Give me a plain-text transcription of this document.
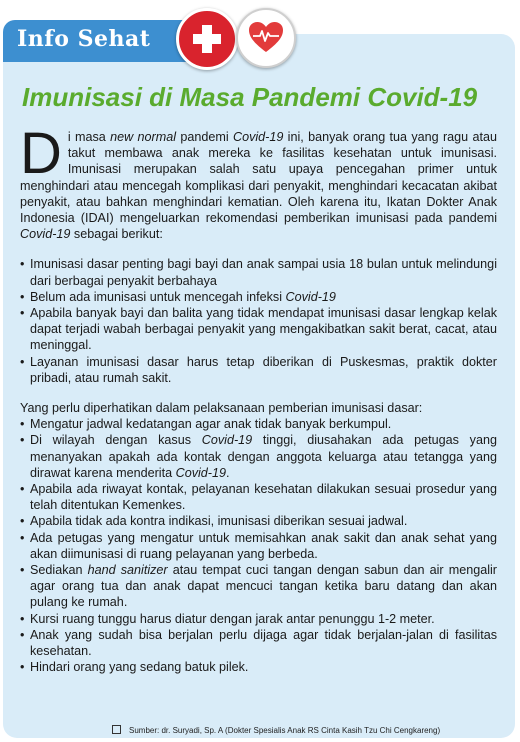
Info Sehat
Imunisasi di Masa Pandemi Covid-19

D i masa new normal pandemi Covid-19 ini, banyak orang tua yang ragu atau takut membawa anak mereka ke fasilitas kesehatan untuk imunisasi. Imunisasi merupakan salah satu upaya pencegahan primer untuk menghindari atau mencegah komplikasi dari penyakit, menghindari kecacatan akibat penyakit, atau bahkan menghindari kematian. Oleh karena itu, Ikatan Dokter Anak Indonesia (IDAI) mengeluarkan rekomendasi pemberikan imunisasi pada pandemi Covid-19 sebagai berikut:

• Imunisasi dasar penting bagi bayi dan anak sampai usia 18 bulan untuk melindungi dari berbagai penyakit berbahaya
• Belum ada imunisasi untuk mencegah infeksi Covid-19
• Apabila banyak bayi dan balita yang tidak mendapat imunisasi dasar lengkap kelak dapat terjadi wabah berbagai penyakit yang mengakibatkan sakit berat, cacat, atau meninggal.
• Layanan imunisasi dasar harus tetap diberikan di Puskesmas, praktik dokter pribadi, atau rumah sakit.

Yang perlu diperhatikan dalam pelaksanaan pemberian imunisasi dasar:

• Mengatur jadwal kedatangan agar anak tidak banyak berkumpul.
• Di wilayah dengan kasus Covid-19 tinggi, diusahakan ada petugas yang menanyakan apakah ada kontak dengan anggota keluarga atau tetangga yang dirawat karena menderita Covid-19.
• Apabila ada riwayat kontak, pelayanan kesehatan dilakukan sesuai prosedur yang telah ditentukan Kemenkes.
• Apabila tidak ada kontra indikasi, imunisasi diberikan sesuai jadwal.
• Ada petugas yang mengatur untuk memisahkan anak sakit dan anak sehat yang akan diimunisasi di ruang pelayanan yang berbeda.
• Sediakan hand sanitizer atau tempat cuci tangan dengan sabun dan air mengalir agar orang tua dan anak dapat mencuci tangan ketika baru datang dan akan pulang ke rumah.
• Kursi ruang tunggu harus diatur dengan jarak antar penunggu 1-2 meter.
• Anak yang sudah bisa berjalan perlu dijaga agar tidak berjalan-jalan di fasilitas kesehatan.
• Hindari orang yang sedang batuk pilek.
Sumber: dr. Suryadi, Sp. A (Dokter Spesialis Anak RS Cinta Kasih Tzu Chi Cengkareng)
